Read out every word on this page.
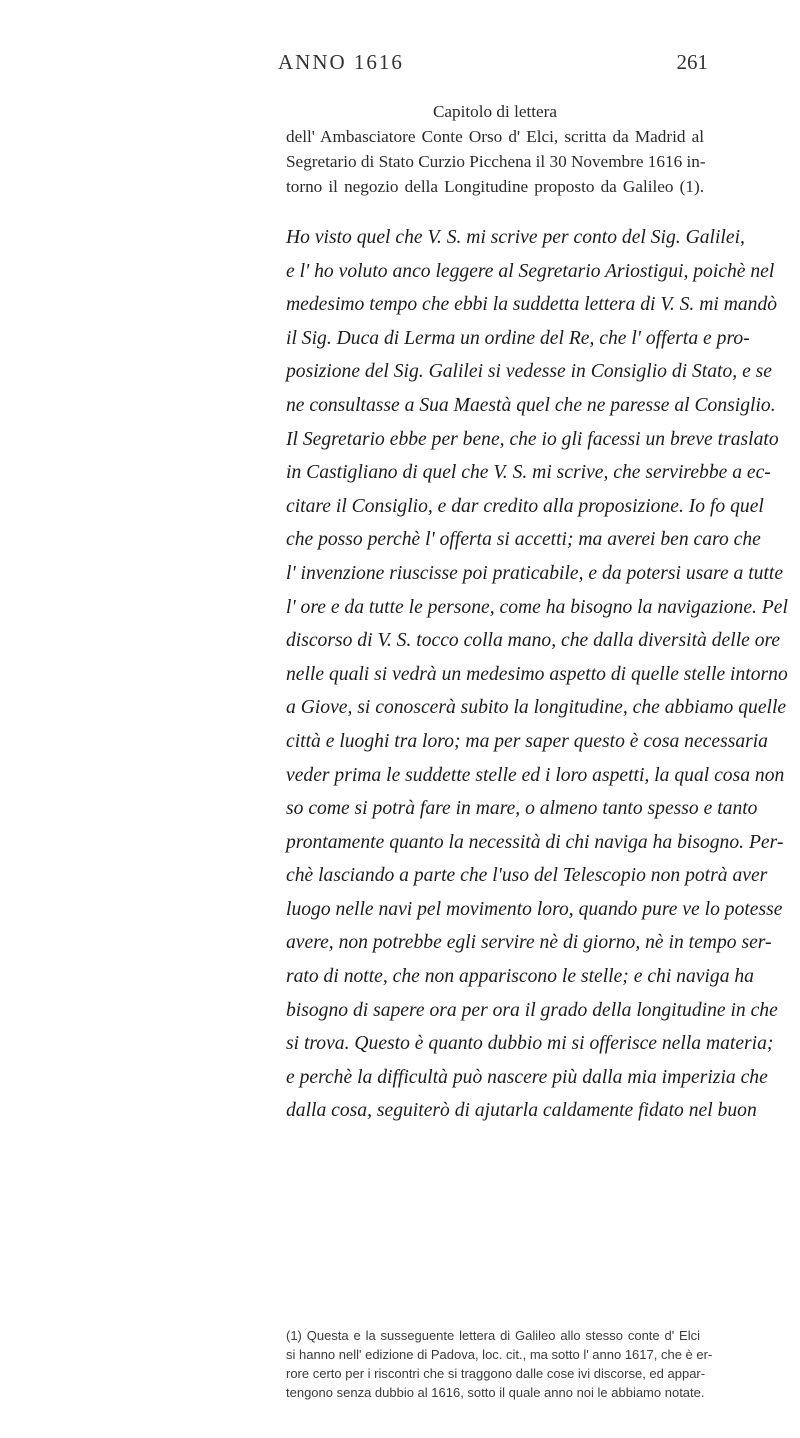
ANNO 1616	261
Capitolo di lettera
dell' Ambasciatore Conte Orso d' Elci, scritta da Madrid al
Segretario di Stato Curzio Picchena il 30 Novembre 1616 in-
torno il negozio della Longitudine proposto da Galileo (1).
Ho visto quel che V. S. mi scrive per conto del Sig. Galilei,
e l' ho voluto anco leggere al Segretario Ariostigui, poichè nel
medesimo tempo che ebbi la suddetta lettera di V. S. mi mandò
il Sig. Duca di Lerma un ordine del Re, che l' offerta e pro-
posizione del Sig. Galilei si vedesse in Consiglio di Stato, e se
ne consultasse a Sua Maestà quel che ne paresse al Consiglio.
Il Segretario ebbe per bene, che io gli facessi un breve traslato
in Castigliano di quel che V. S. mi scrive, che servirebbe a ec-
citare il Consiglio, e dar credito alla proposizione. Io fo quel
che posso perchè l' offerta si accetti; ma averei ben caro che
l' invenzione riuscisse poi praticabile, e da potersi usare a tutte
l' ore e da tutte le persone, come ha bisogno la navigazione. Pel
discorso di V. S. tocco colla mano, che dalla diversità delle ore
nelle quali si vedrà un medesimo aspetto di quelle stelle intorno
a Giove, si conoscerà subito la longitudine, che abbiamo quelle
città e luoghi tra loro; ma per saper questo è cosa necessaria
veder prima le suddette stelle ed i loro aspetti, la qual cosa non
so come si potrà fare in mare, o almeno tanto spesso e tanto
prontamente quanto la necessità di chi naviga ha bisogno. Per-
chè lasciando a parte che l'uso del Telescopio non potrà aver
luogo nelle navi pel movimento loro, quando pure ve lo potesse
avere, non potrebbe egli servire nè di giorno, nè in tempo ser-
rato di notte, che non appariscono le stelle; e chi naviga ha
bisogno di sapere ora per ora il grado della longitudine in che
si trova. Questo è quanto dubbio mi si offerisce nella materia;
e perchè la difficultà può nascere più dalla mia imperizia che
dalla cosa, seguiterò di ajutarla caldamente fidato nel buon
(1) Questa e la susseguente lettera di Galileo allo stesso conte d' Elci
si hanno nell' edizione di Padova, loc. cit., ma sotto l' anno 1617, che è er-
rore certo per i riscontri che si traggono dalle cose ivi discorse, ed appar-
tengono senza dubbio al 1616, sotto il quale anno noi le abbiamo notate.
